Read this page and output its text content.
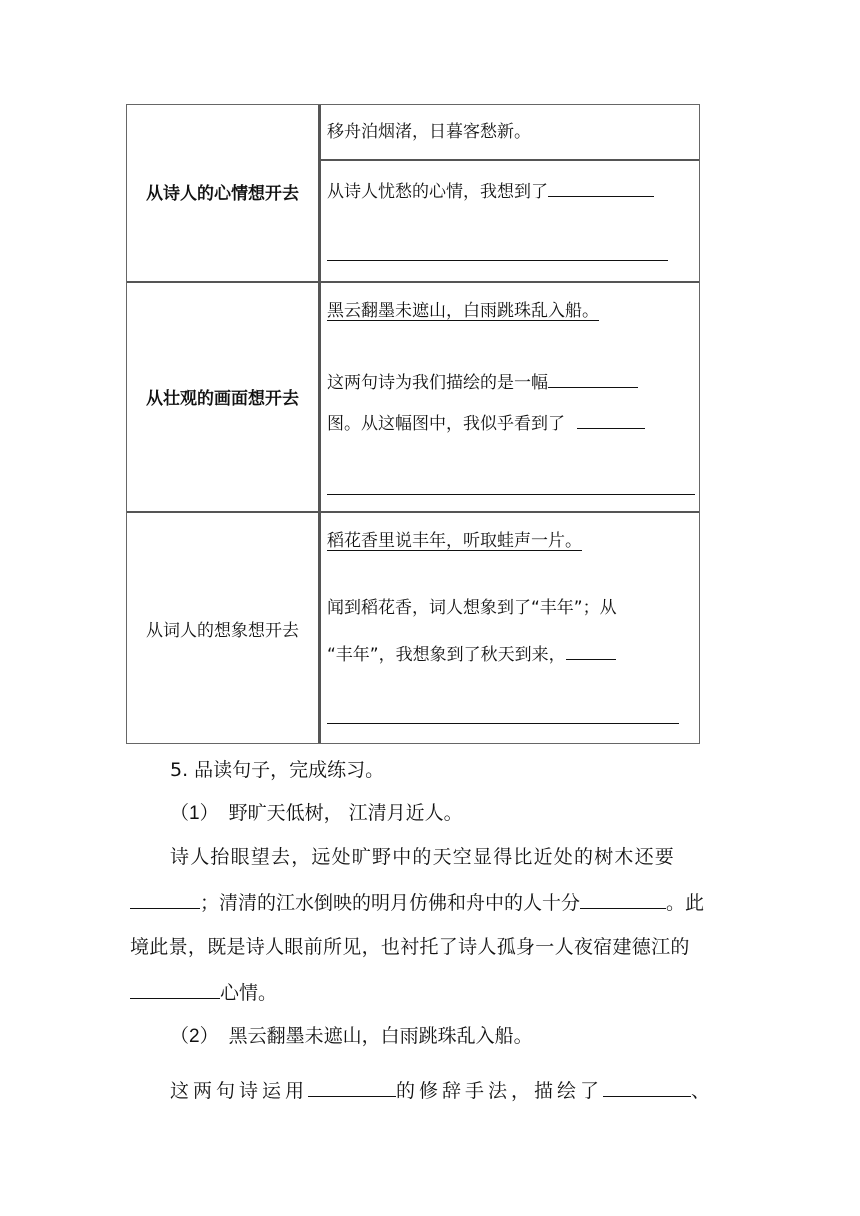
从诗人的心情想开去
移舟泊烟渚，日暮客愁新。
从诗人忧愁的心情，我想到了
从壮观的画面想开去
黑云翻墨未遮山，白雨跳珠乱入船。
这两句诗为我们描绘的是一幅
图。从这幅图中，我似乎看到了
从词人的想象想开去
稻花香里说丰年，听取蛙声一片。
闻到稻花香，词人想象到了“丰年”；从
“丰年”，我想象到了秋天到来，
5. 品读句子，完成练习。
（1） 野旷天低树， 江清月近人。
诗人抬眼望去，远处旷野中的天空显得比近处的树木还要
；清清的江水倒映的明月仿佛和舟中的人十分	。此
境此景，既是诗人眼前所见，也衬托了诗人孤身一人夜宿建德江的
心情。
（2） 黑云翻墨未遮山，白雨跳珠乱入船。
这两句诗运用	的修辞手法，描绘了	、
